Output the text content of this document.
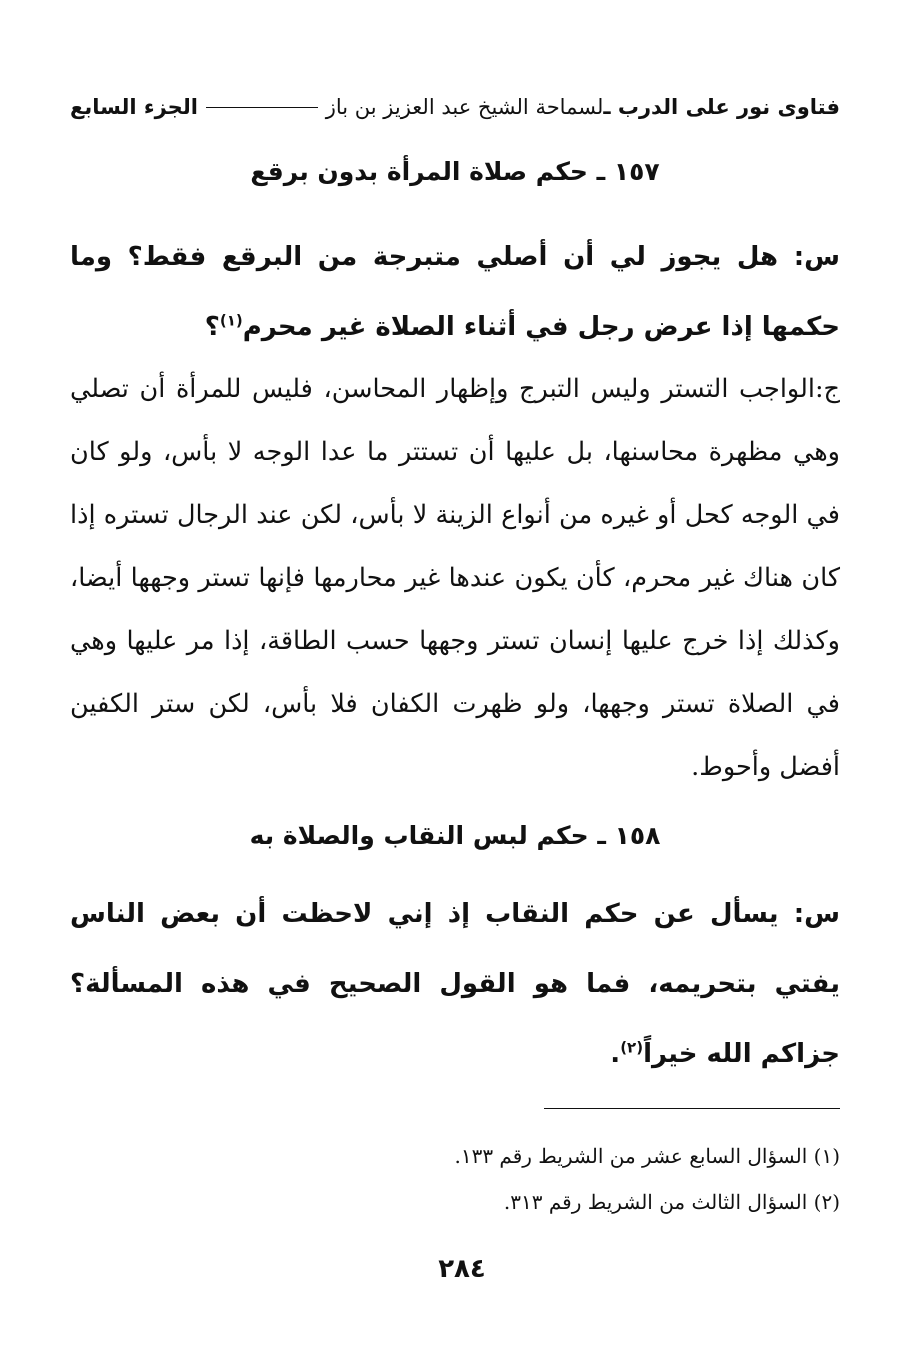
فتاوى نور على الدرب ـ
لسماحة الشيخ عبد العزيز بن باز
الجزء السابع
١٥٧ ـ حكم صلاة المرأة بدون برقع
س: هل يجوز لي أن أصلي متبرجة من البرقع فقط؟ وما حكمها إذا عرض رجل في أثناء الصلاة غير محرم$^{(١)}$؟
ج:الواجب التستر وليس التبرج وإظهار المحاسن، فليس للمرأة أن تصلي وهي مظهرة محاسنها، بل عليها أن تستتر ما عدا الوجه لا بأس، ولو كان في الوجه كحل أو غيره من أنواع الزينة لا بأس، لكن عند الرجال تستره إذا كان هناك غير محرم، كأن يكون عندها غير محارمها فإنها تستر وجهها أيضا، وكذلك إذا خرج عليها إنسان تستر وجهها حسب الطاقة، إذا مر عليها وهي في الصلاة تستر وجهها، ولو ظهرت الكفان فلا بأس، لكن ستر الكفين أفضل وأحوط.
١٥٨ ـ حكم لبس النقاب والصلاة به
س: يسأل عن حكم النقاب إذ إني لاحظت أن بعض الناس يفتي بتحريمه، فما هو القول الصحيح في هذه المسألة؟ جزاكم الله خيراً$^{(٢)}$.
(١) السؤال السابع عشر من الشريط رقم ١٣٣.
(٢) السؤال الثالث من الشريط رقم ٣١٣.
٢٨٤
